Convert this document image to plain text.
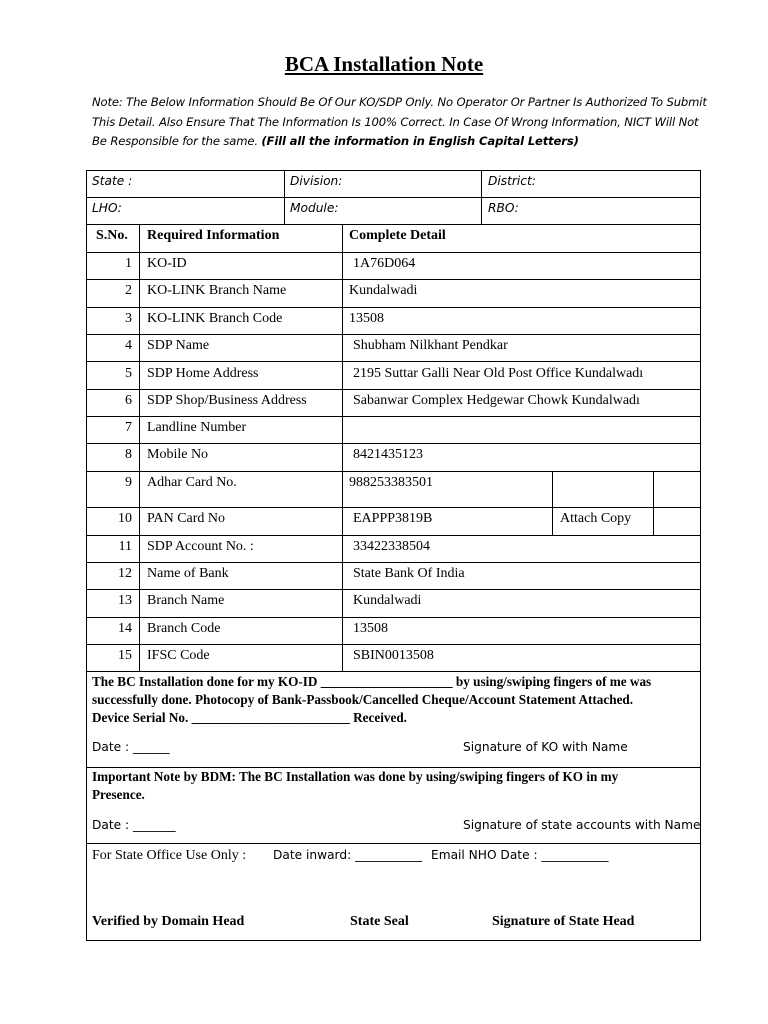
BCA Installation Note
Note: The Below Information Should Be Of Our KO/SDP Only. No Operator Or Partner Is Authorized To Submit This Detail. Also Ensure That The Information Is 100% Correct. In Case Of Wrong Information, NICT Will Not Be Responsible for the same. (Fill all the information in English Capital Letters)
State :	Division:	District:
LHO:	Module:	RBO:
S.No. Required Information	Complete Detail
1 KO-ID	1A76D064
2 KO-LINK Branch Name	Kundalwadi
3 KO-LINK Branch Code	13508
4 SDP Name	Shubham Nilkhant Pendkar
5 SDP Home Address	2195 Suttar Galli Near Old Post Office Kundalwadı
6 SDP Shop/Business Address	Sabanwar Complex Hedgewar Chowk Kundalwadı
7 Landline Number
8 Mobile No	8421435123
9 Adhar Card No.	988253383501
10 PAN Card No	EAPPP3819B	Attach Copy
11 SDP Account No. :	33422338504
12 Name of Bank	State Bank Of India
13 Branch Name	Kundalwadi
14 Branch Code	13508
15 IFSC Code	SBIN0013508
The BC Installation done for my KO-ID ____________________ by using/swiping fingers of me was
successfully done. Photocopy of Bank-Passbook/Cancelled Cheque/Account Statement Attached.
Device Serial No. ________________________ Received.
Date : ______	Signature of KO with Name
Important Note by BDM: The BC Installation was done by using/swiping fingers of KO in my
Presence.
Date : _______	Signature of state accounts with Name
For State Office Use Only : Date inward: ___________ Email NHO Date : ___________
Verified by Domain Head	State Seal	Signature of State Head
